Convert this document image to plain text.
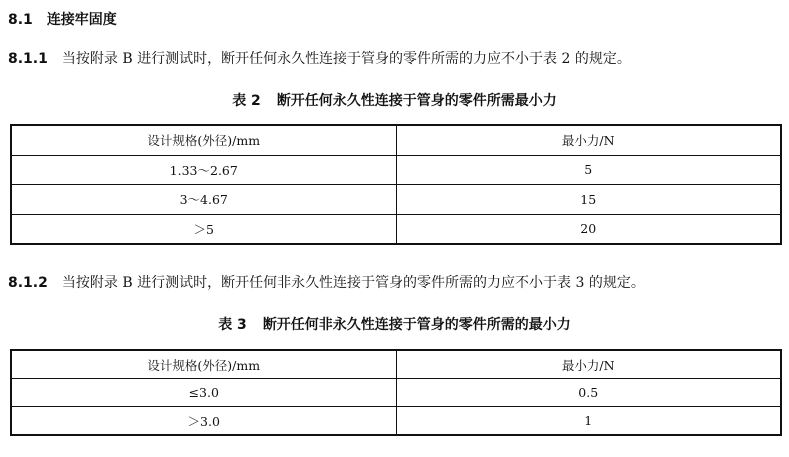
8.1 连接牢固度
8.1.1 当按附录 B 进行测试时，断开任何永久性连接于管身的零件所需的力应不小于表 2 的规定。
表 2 断开任何永久性连接于管身的零件所需最小力
设计规格(外径)/mm	最小力/N
1.33～2.67	5
3～4.67	15
＞5	20
8.1.2 当按附录 B 进行测试时，断开任何非永久性连接于管身的零件所需的力应不小于表 3 的规定。
表 3 断开任何非永久性连接于管身的零件所需的最小力
设计规格(外径)/mm	最小力/N
≤3.0	0.5
＞3.0	1
